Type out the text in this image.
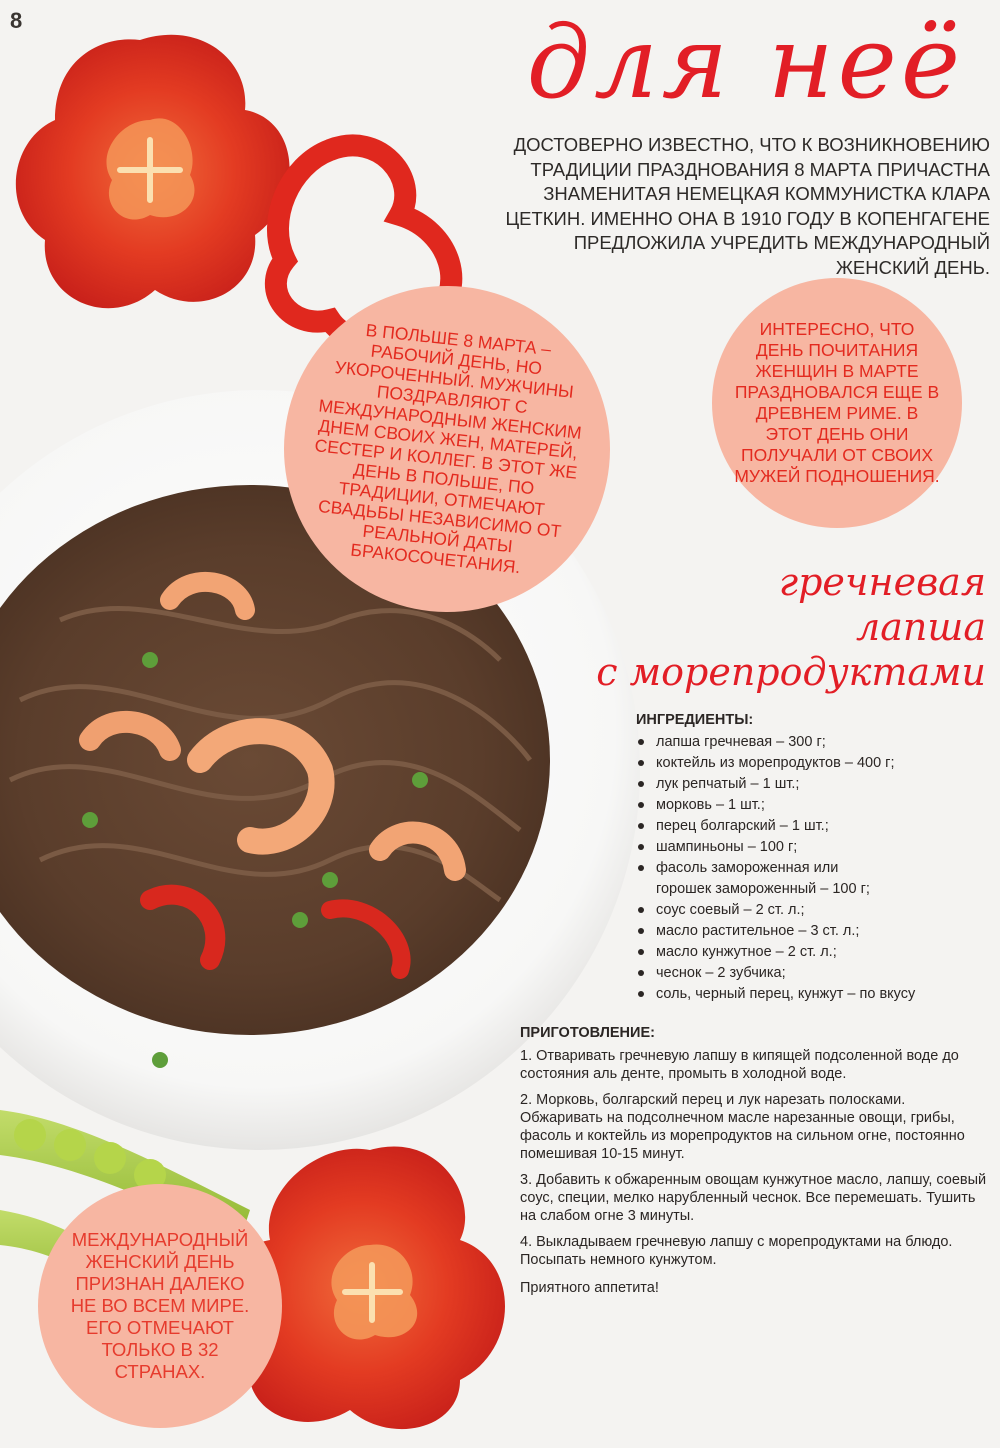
8	для неё
ДОСТОВЕРНО ИЗВЕСТНО, ЧТО К ВОЗНИКНОВЕНИЮ ТРАДИЦИИ ПРАЗДНОВАНИЯ 8 МАРТА ПРИЧАСТНА ЗНАМЕНИТАЯ НЕМЕЦКАЯ КОММУНИСТКА КЛАРА ЦЕТКИН. ИМЕННО ОНА В 1910 ГОДУ В КОПЕНГАГЕНЕ ПРЕДЛОЖИЛА УЧРЕДИТЬ МЕЖДУНАРОДНЫЙ ЖЕНСКИЙ ДЕНЬ.
В ПОЛЬШЕ 8 МАРТА – РАБОЧИЙ ДЕНЬ, НО УКОРОЧЕННЫЙ. МУЖЧИНЫ ПОЗДРАВЛЯЮТ С МЕЖДУНАРОДНЫМ ЖЕНСКИМ ДНЕМ СВОИХ ЖЕН, МАТЕРЕЙ, СЕСТЕР И КОЛЛЕГ. В ЭТОТ ЖЕ ДЕНЬ В ПОЛЬШЕ, ПО ТРАДИЦИИ, ОТМЕЧАЮТ СВАДЬБЫ НЕЗАВИСИМО ОТ РЕАЛЬНОЙ ДАТЫ БРАКОСОЧЕТАНИЯ.
ИНТЕРЕСНО, ЧТО ДЕНЬ ПОЧИТАНИЯ ЖЕНЩИН В МАРТЕ ПРАЗДНОВАЛСЯ ЕЩЕ В ДРЕВНЕМ РИМЕ. В ЭТОТ ДЕНЬ ОНИ ПОЛУЧАЛИ ОТ СВОИХ МУЖЕЙ ПОДНОШЕНИЯ.
МЕЖДУНАРОДНЫЙ ЖЕНСКИЙ ДЕНЬ ПРИЗНАН ДАЛЕКО НЕ ВО ВСЕМ МИРЕ. ЕГО ОТМЕЧАЮТ ТОЛЬКО В 32 СТРАНАХ.
гречневая
лапша
с морепродуктами
ИНГРЕДИЕНТЫ:
лапша гречневая – 300 г;
коктейль из морепродуктов – 400 г;
лук репчатый – 1 шт.;
морковь – 1 шт.;
перец болгарский – 1 шт.;
шампиньоны – 100 г;
фасоль замороженная или
горошек замороженный – 100 г;
соус соевый – 2 ст. л.;
масло растительное – 3 ст. л.;
масло кунжутное – 2 ст. л.;
чеснок – 2 зубчика;
соль, черный перец, кунжут – по вкусу
ПРИГОТОВЛЕНИЕ:

1. Отваривать гречневую лапшу в кипящей подсоленной воде до состояния аль денте, промыть в холодной воде.

2. Морковь, болгарский перец и лук нарезать полосками. Обжаривать на подсолнечном масле нарезанные овощи, грибы, фасоль и коктейль из морепродуктов на сильном огне, постоянно помешивая 10-15 минут.

3. Добавить к обжаренным овощам кунжутное масло, лапшу, соевый соус, специи, мелко нарубленный чеснок. Все перемешать. Тушить на слабом огне 3 минуты.

4. Выкладываем гречневую лапшу с морепродуктами на блюдо. Посыпать немного кунжутом.

Приятного аппетита!
